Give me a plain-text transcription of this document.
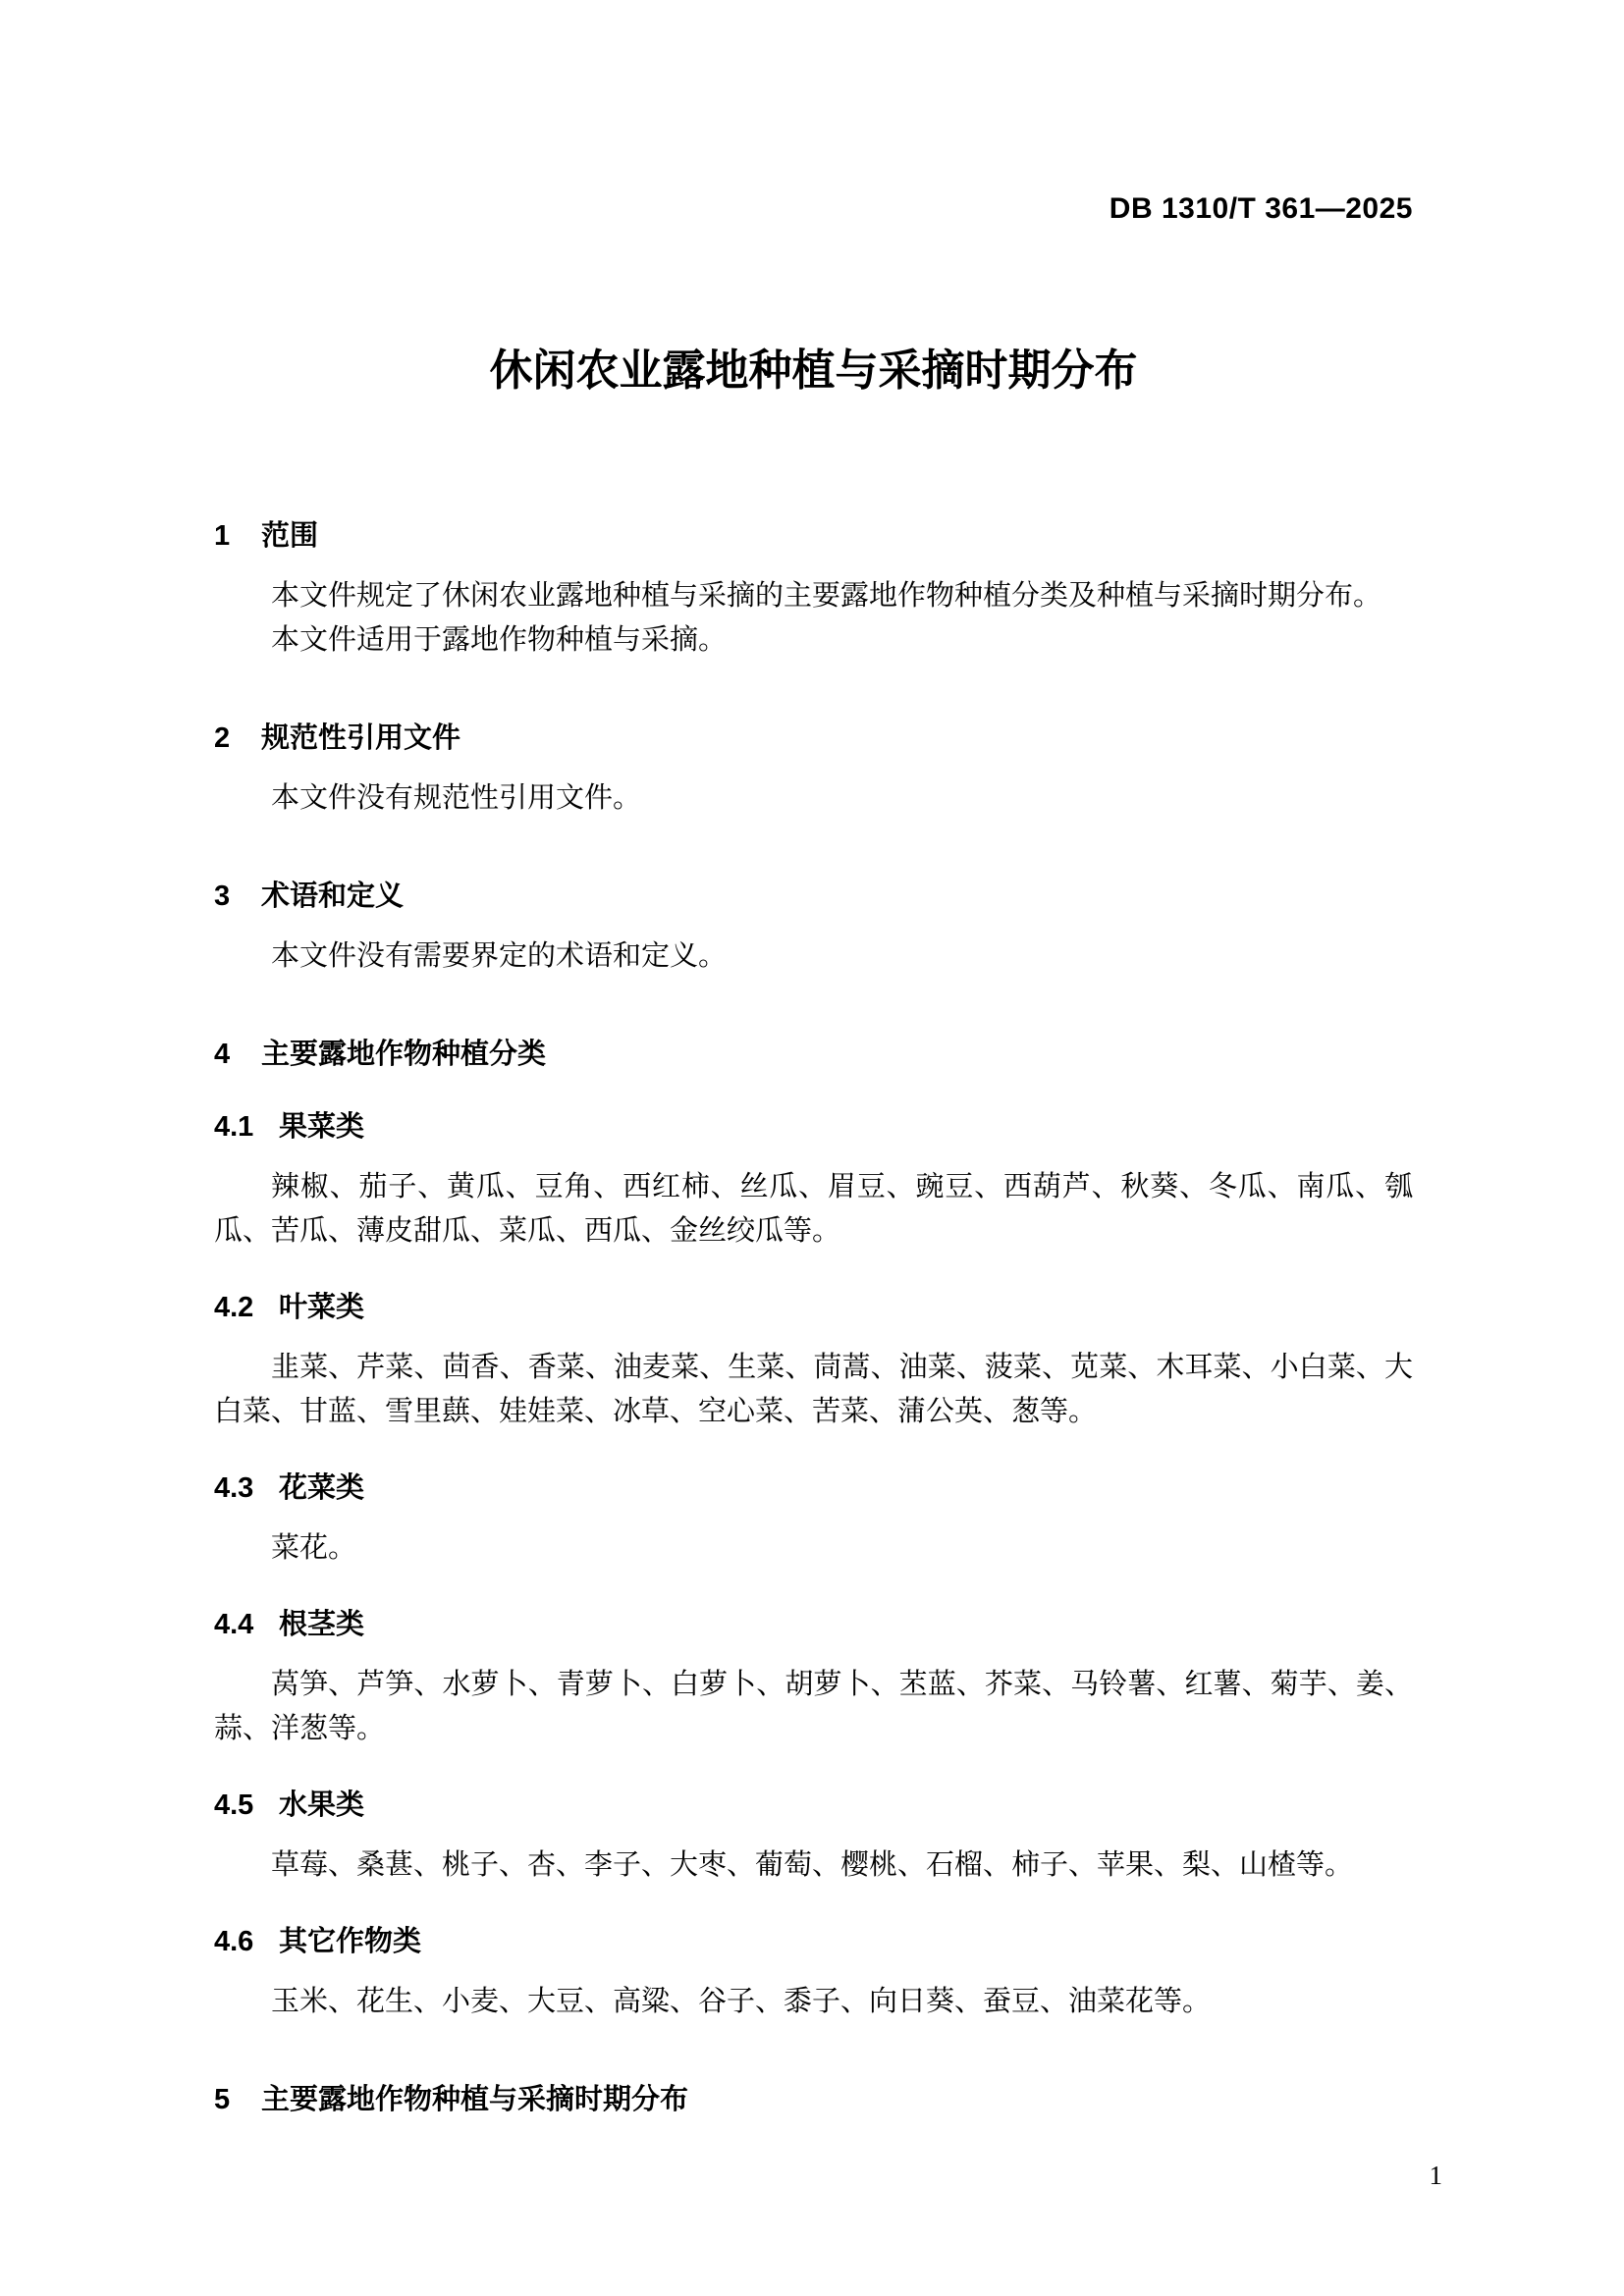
DB 1310/T 361—2025
休闲农业露地种植与采摘时期分布
1 范围

本文件规定了休闲农业露地种植与采摘的主要露地作物种植分类及种植与采摘时期分布。

本文件适用于露地作物种植与采摘。

2 规范性引用文件

本文件没有规范性引用文件。

3 术语和定义

本文件没有需要界定的术语和定义。

4 主要露地作物种植分类
4.1 果菜类

辣椒、茄子、黄瓜、豆角、西红柿、丝瓜、眉豆、豌豆、西葫芦、秋葵、冬瓜、南瓜、瓠瓜、苦瓜、薄皮甜瓜、菜瓜、西瓜、金丝绞瓜等。

4.2 叶菜类

韭菜、芹菜、茴香、香菜、油麦菜、生菜、茼蒿、油菜、菠菜、苋菜、木耳菜、小白菜、大白菜、甘蓝、雪里蕻、娃娃菜、冰草、空心菜、苦菜、蒲公英、葱等。

4.3 花菜类

菜花。

4.4 根茎类

莴笋、芦笋、水萝卜、青萝卜、白萝卜、胡萝卜、苤蓝、芥菜、马铃薯、红薯、菊芋、姜、蒜、洋葱等。

4.5 水果类

草莓、桑葚、桃子、杏、李子、大枣、葡萄、樱桃、石榴、柿子、苹果、梨、山楂等。

4.6 其它作物类

玉米、花生、小麦、大豆、高粱、谷子、黍子、向日葵、蚕豆、油菜花等。

5 主要露地作物种植与采摘时期分布
1
